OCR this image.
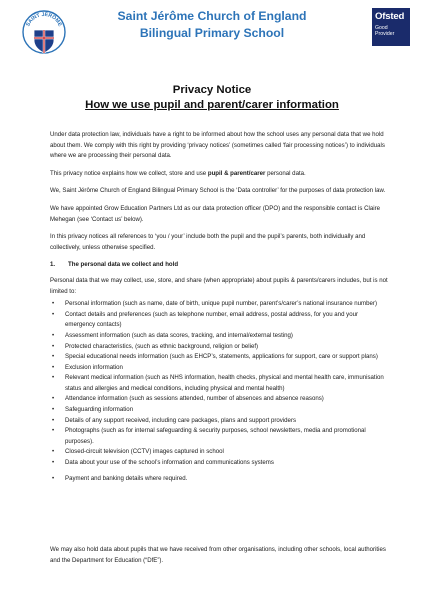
SAINT JÉRÔME
Saint Jérôme Church of England
Bilingual Primary School
Ofsted
Good Provider
Privacy Notice
How we use pupil and parent/carer information

Under data protection law, individuals have a right to be informed about how the school uses any personal data that we hold about them. We comply with this right by providing ‘privacy notices’ (sometimes called ‘fair processing notices’) to individuals where we are processing their personal data.

This privacy notice explains how we collect, store and use pupil & parent/carer personal data.

We, Saint Jérôme Church of England Bilingual Primary School is the ‘Data controller’ for the purposes of data protection law.

We have appointed Grow Education Partners Ltd as our data protection officer (DPO) and the responsible contact is Claire Mehegan (see ‘Contact us’ below).

In this privacy notices all references to ‘you / your’ include both the pupil and the pupil’s parents, both individually and collectively, unless otherwise specified.

1.	The personal data we collect and hold

Personal data that we may collect, use, store, and share (when appropriate) about pupils & parents/carers includes, but is not limited to:

• Personal information (such as name, date of birth, unique pupil number, parent’s/carer’s national insurance number)
• Contact details and preferences (such as telephone number, email address, postal address, for you and your emergency contacts)
• Assessment information (such as data scores, tracking, and internal/external testing)
• Protected characteristics, (such as ethnic background, religion or belief)
• Special educational needs information (such as EHCP’s, statements, applications for support, care or support plans)
• Exclusion information
• Relevant medical information (such as NHS information, health checks, physical and mental health care, immunisation status and allergies and medical conditions, including physical and mental health)
• Attendance information (such as sessions attended, number of absences and absence reasons)
• Safeguarding information
• Details of any support received, including care packages, plans and support providers
• Photographs (such as for internal safeguarding & security purposes, school newsletters, media and promotional purposes).
• Closed-circuit television (CCTV) images captured in school
• Data about your use of the school’s information and communications systems
• Payment and banking details where required.

We may also hold data about pupils that we have received from other organisations, including other schools, local authorities and the Department for Education (“DfE”).
